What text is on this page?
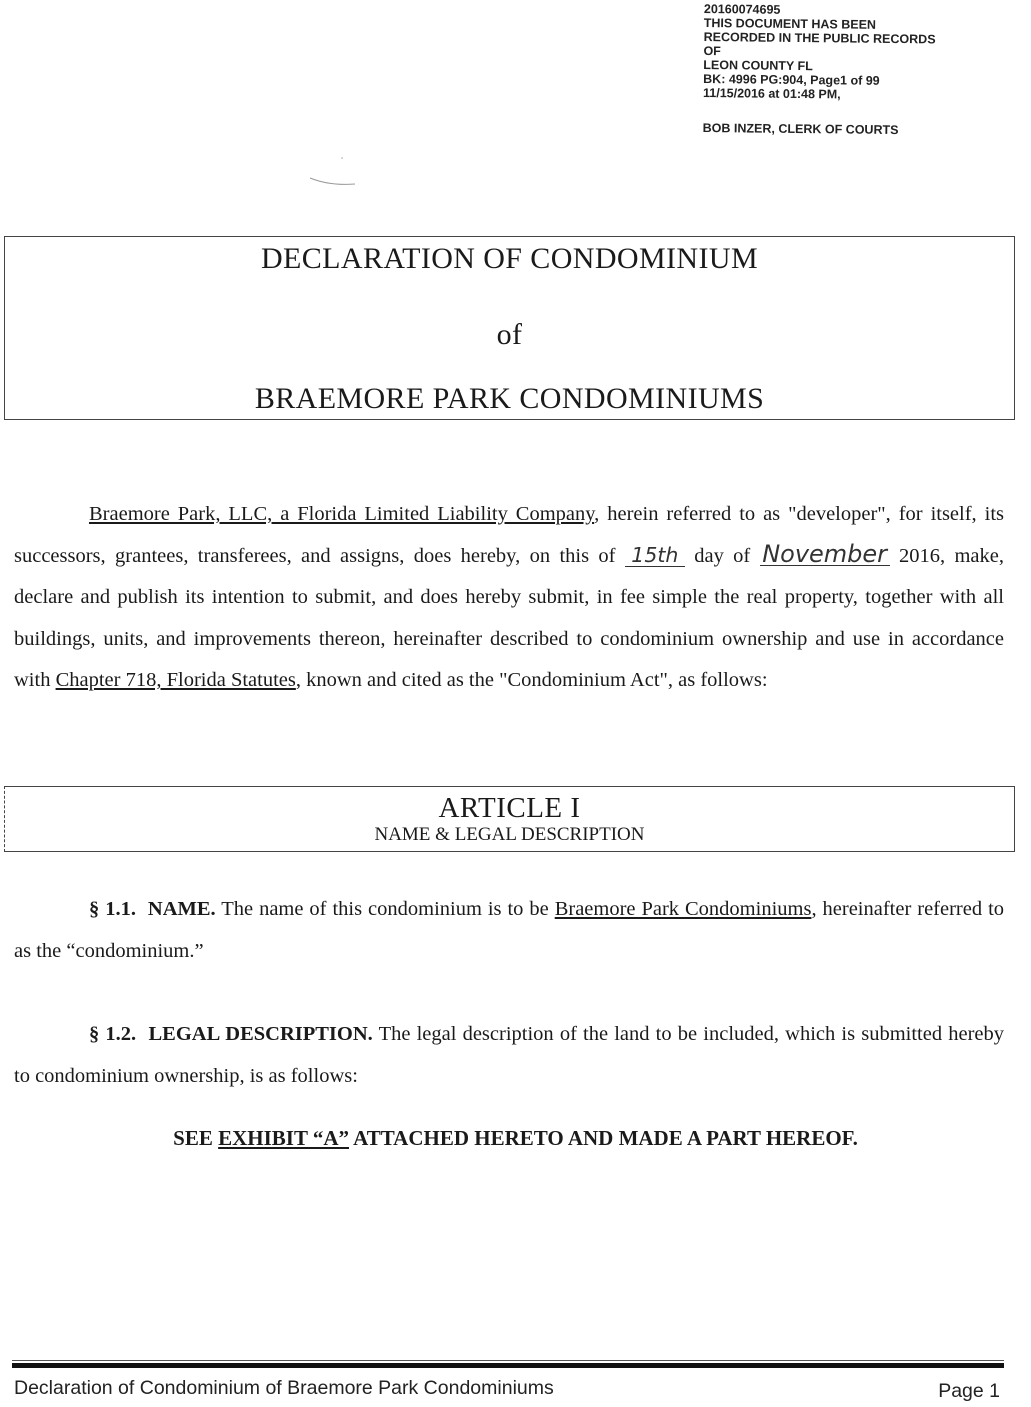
20160074695
THIS DOCUMENT HAS BEEN
RECORDED IN THE PUBLIC RECORDS
OF
LEON COUNTY FL
BK: 4996 PG:904, Page1 of 99
11/15/2016 at 01:48 PM,
BOB INZER, CLERK OF COURTS
DECLARATION OF CONDOMINIUM
of
BRAEMORE PARK CONDOMINIUMS

Braemore Park, LLC, a Florida Limited Liability Company, herein referred to as "developer", for itself, its successors, grantees, transferees, and assigns, does hereby, on this of 15th day of November 2016, make, declare and publish its intention to submit, and does hereby submit, in fee simple the real property, together with all buildings, units, and improvements thereon, hereinafter described to condominium ownership and use in accordance with Chapter 718, Florida Statutes, known and cited as the "Condominium Act", as follows:

ARTICLE I
NAME & LEGAL DESCRIPTION
§ 1.1. NAME. The name of this condominium is to be Braemore Park Condominiums, hereinafter referred to as the “condominium.”
§ 1.2. LEGAL DESCRIPTION. The legal description of the land to be included, which is submitted hereby to condominium ownership, is as follows:
SEE EXHIBIT “A” ATTACHED HERETO AND MADE A PART HEREOF.
Declaration of Condominium of Braemore Park Condominiums	Page 1
